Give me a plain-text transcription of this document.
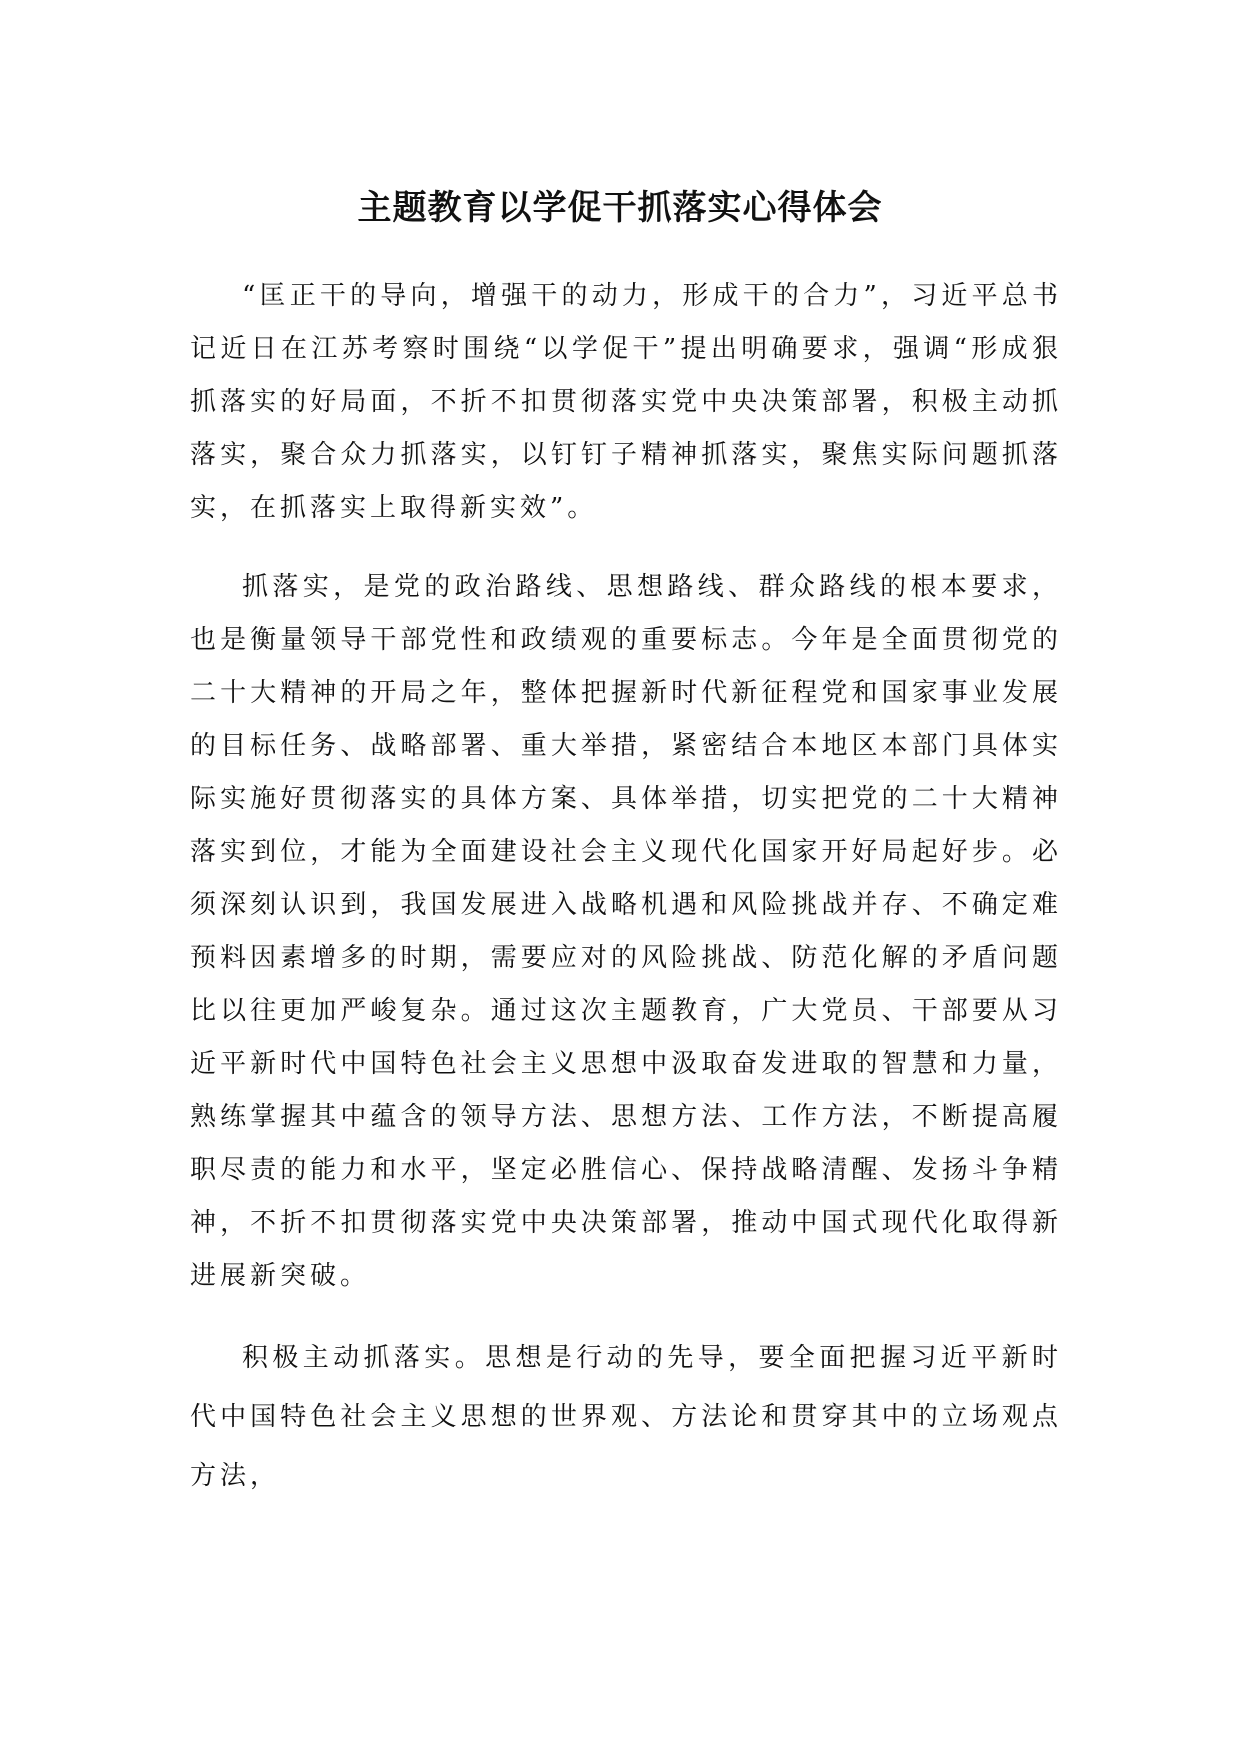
主题教育以学促干抓落实心得体会

“匡正干的导向，增强干的动力，形成干的合力”，习近平总书记近日在江苏考察时围绕“以学促干”提出明确要求，强调“形成狠抓落实的好局面，不折不扣贯彻落实党中央决策部署，积极主动抓落实，聚合众力抓落实，以钉钉子精神抓落实，聚焦实际问题抓落实，在抓落实上取得新实效”。

抓落实，是党的政治路线、思想路线、群众路线的根本要求，也是衡量领导干部党性和政绩观的重要标志。今年是全面贯彻党的二十大精神的开局之年，整体把握新时代新征程党和国家事业发展的目标任务、战略部署、重大举措，紧密结合本地区本部门具体实际实施好贯彻落实的具体方案、具体举措，切实把党的二十大精神落实到位，才能为全面建设社会主义现代化国家开好局起好步。必须深刻认识到，我国发展进入战略机遇和风险挑战并存、不确定难预料因素增多的时期，需要应对的风险挑战、防范化解的矛盾问题比以往更加严峻复杂。通过这次主题教育，广大党员、干部要从习近平新时代中国特色社会主义思想中汲取奋发进取的智慧和力量，熟练掌握其中蕴含的领导方法、思想方法、工作方法，不断提高履职尽责的能力和水平，坚定必胜信心、保持战略清醒、发扬斗争精神，不折不扣贯彻落实党中央决策部署，推动中国式现代化取得新进展新突破。

积极主动抓落实。思想是行动的先导，要全面把握习近平新时代中国特色社会主义思想的世界观、方法论和贯穿其中的立场观点方法，
